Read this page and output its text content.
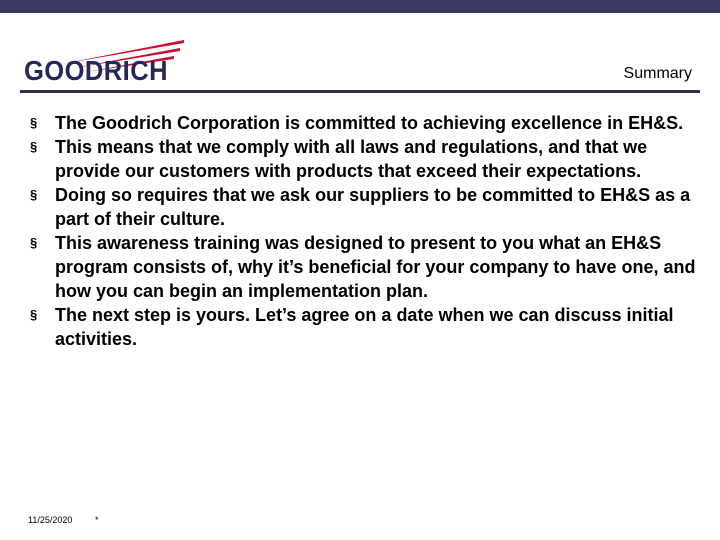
GOODRICH	Summary
§ The Goodrich Corporation is committed to achieving excellence in EH&S.
§ This means that we comply with all laws and regulations, and that we provide our customers with products that exceed their expectations.
§ Doing so requires that we ask our suppliers to be committed to EH&S as a part of their culture.
§ This awareness training was designed to present to you what an EH&S program consists of, why it’s beneficial for your company to have one, and how you can begin an implementation plan.
§ The next step is yours. Let’s agree on a date when we can discuss initial activities.
11/25/2020	*
